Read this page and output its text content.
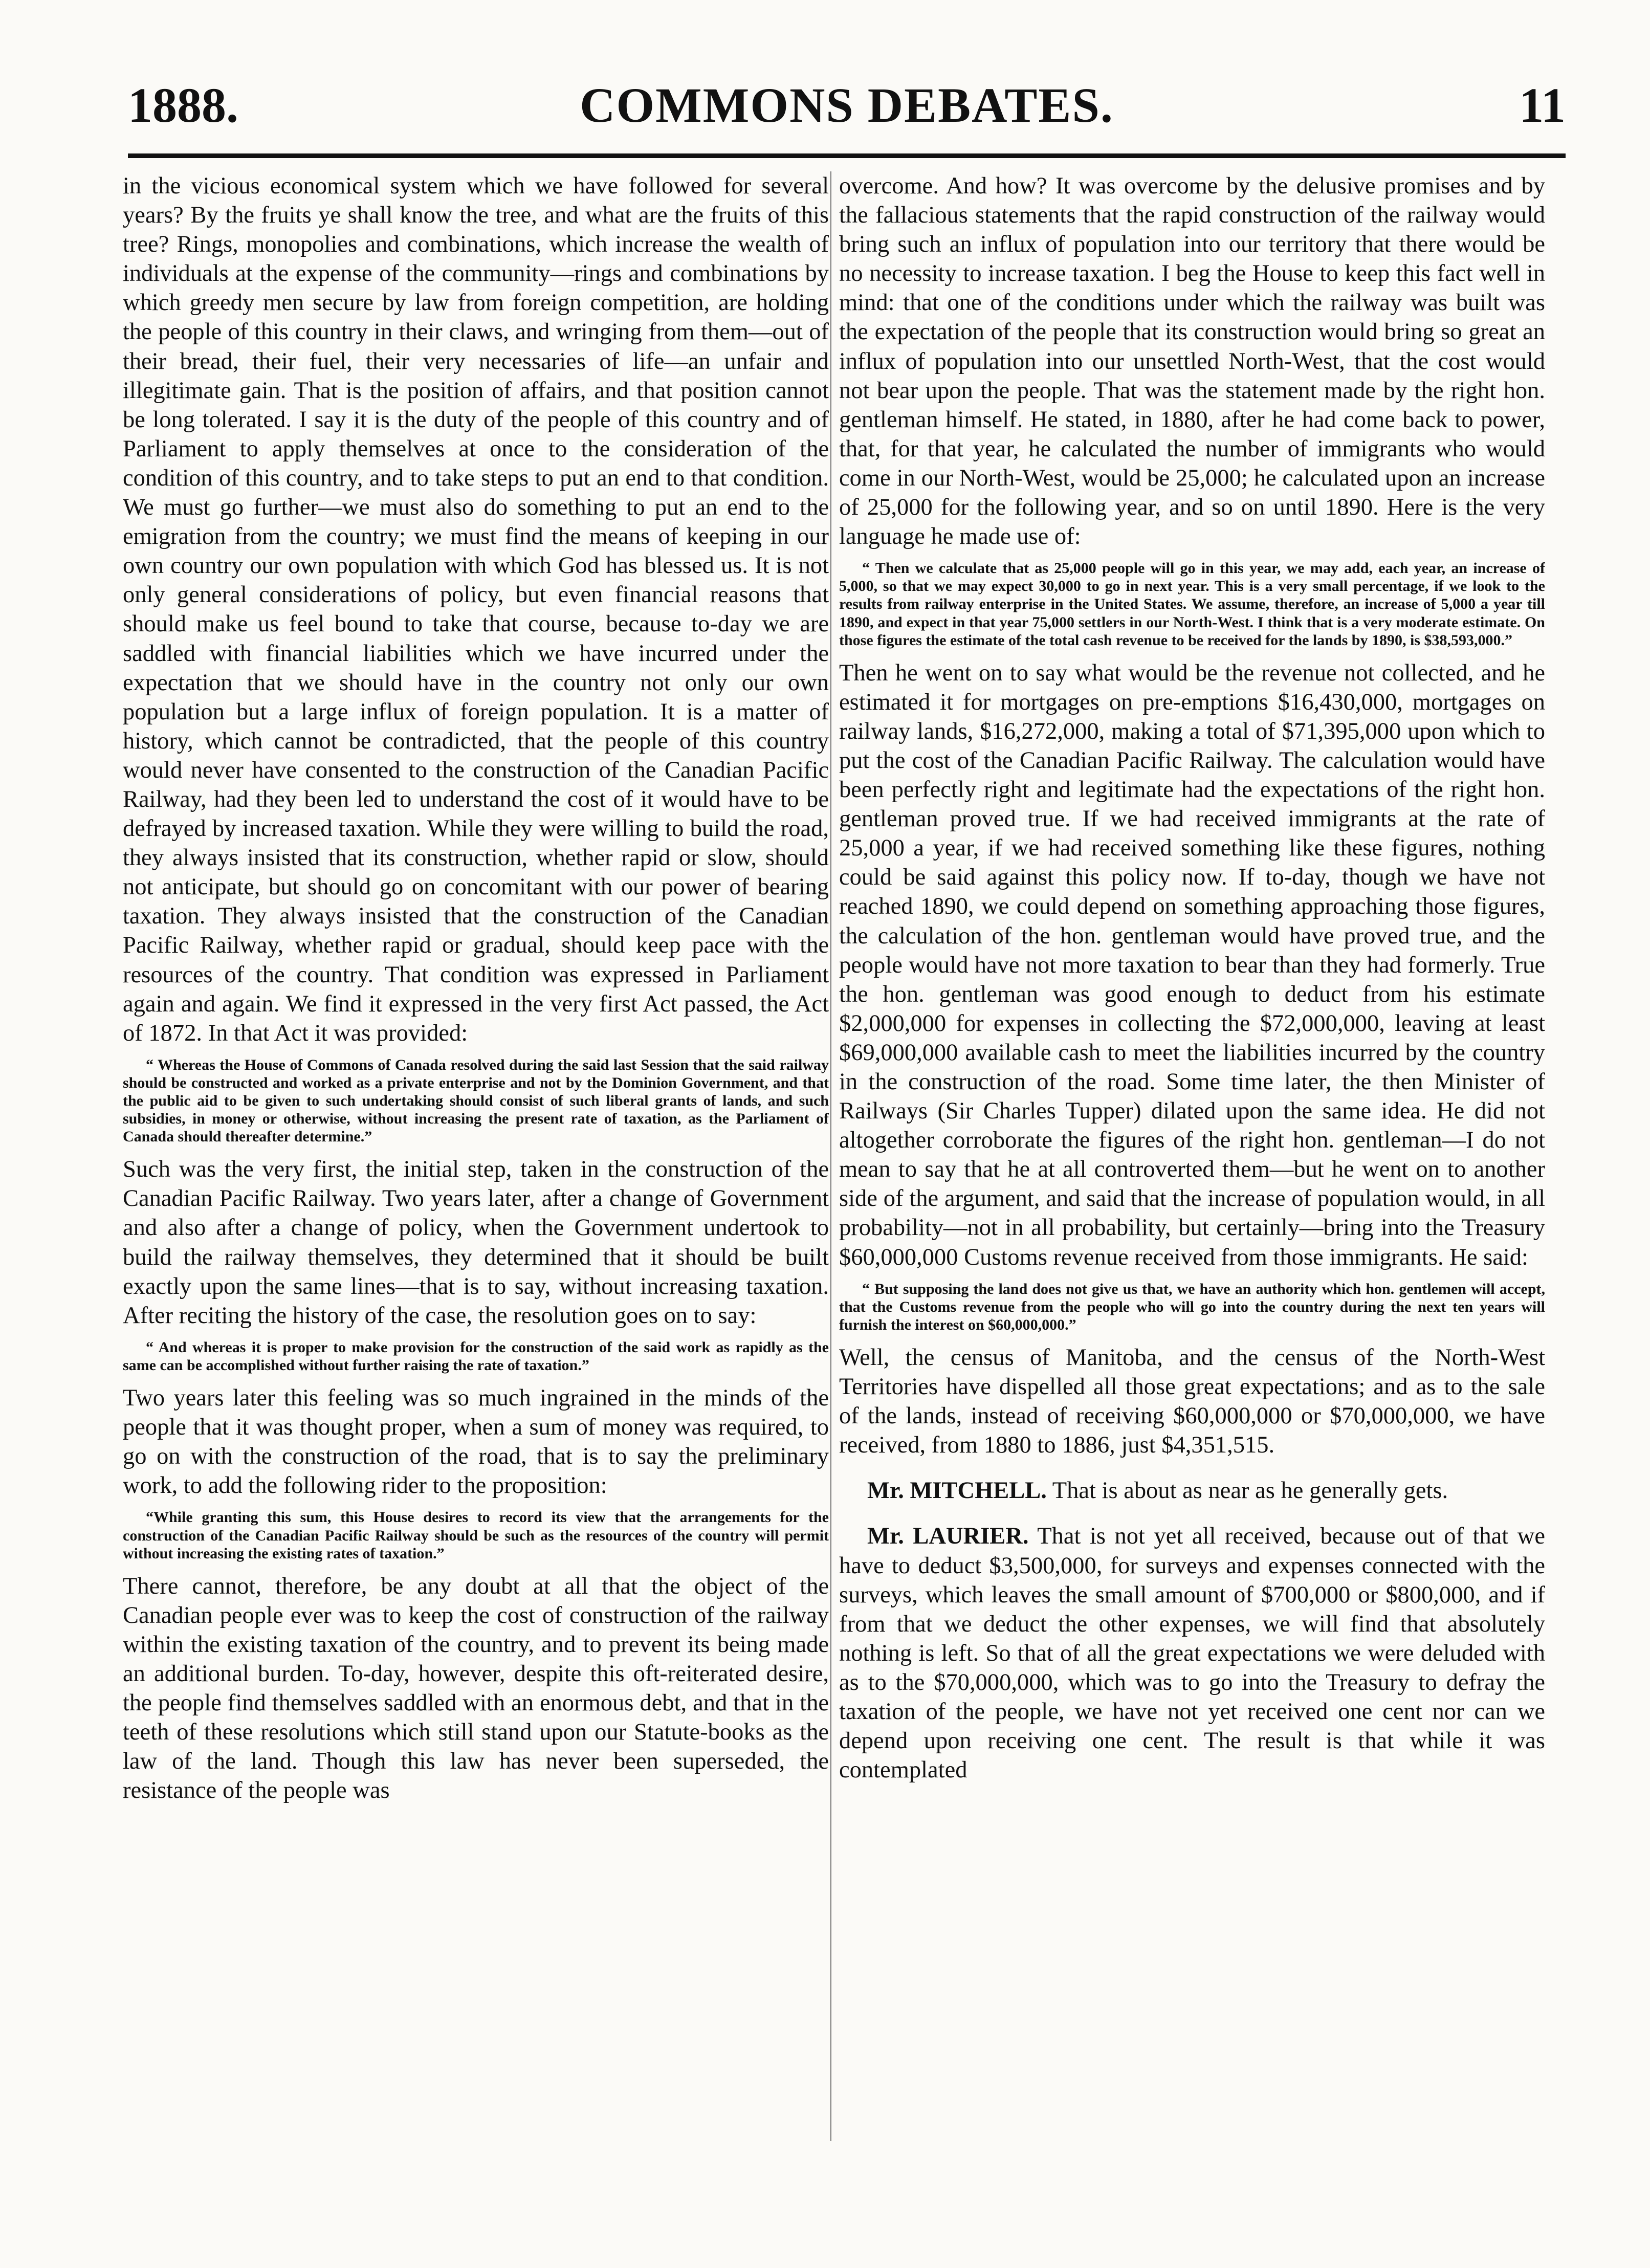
1888.	COMMONS DEBATES.	11

in the vicious economical system which we have followed for several years? By the fruits ye shall know the tree, and what are the fruits of this tree? Rings, monopolies and combinations, which increase the wealth of individuals at the expense of the community—rings and combinations by which greedy men secure by law from foreign competition, are holding the people of this country in their claws, and wringing from them—out of their bread, their fuel, their very necessaries of life—an unfair and illegitimate gain. That is the position of affairs, and that position cannot be long tolerated. I say it is the duty of the people of this country and of Parliament to apply themselves at once to the consideration of the condition of this country, and to take steps to put an end to that condition. We must go further—we must also do something to put an end to the emigration from the country; we must find the means of keeping in our own country our own population with which God has blessed us. It is not only general considerations of policy, but even financial reasons that should make us feel bound to take that course, because to-day we are saddled with financial liabilities which we have incurred under the expectation that we should have in the country not only our own population but a large influx of foreign population. It is a matter of history, which cannot be contradicted, that the people of this country would never have consented to the construction of the Canadian Pacific Railway, had they been led to understand the cost of it would have to be defrayed by increased taxation. While they were willing to build the road, they always insisted that its construction, whether rapid or slow, should not anticipate, but should go on concomitant with our power of bearing taxation. They always insisted that the construction of the Canadian Pacific Railway, whether rapid or gradual, should keep pace with the resources of the country. That condition was expressed in Parliament again and again. We find it expressed in the very first Act passed, the Act of 1872. In that Act it was provided:

“ Whereas the House of Commons of Canada resolved during the said last Session that the said railway should be constructed and worked as a private enterprise and not by the Dominion Government, and that the public aid to be given to such undertaking should consist of such liberal grants of lands, and such subsidies, in money or otherwise, without increasing the present rate of taxation, as the Parliament of Canada should thereafter determine.”

Such was the very first, the initial step, taken in the construction of the Canadian Pacific Railway. Two years later, after a change of Government and also after a change of policy, when the Government undertook to build the railway themselves, they determined that it should be built exactly upon the same lines—that is to say, without increasing taxation. After reciting the history of the case, the resolution goes on to say:

“ And whereas it is proper to make provision for the construction of the said work as rapidly as the same can be accomplished without further raising the rate of taxation.”

Two years later this feeling was so much ingrained in the minds of the people that it was thought proper, when a sum of money was required, to go on with the construction of the road, that is to say the preliminary work, to add the following rider to the proposition:

“While granting this sum, this House desires to record its view that the arrangements for the construction of the Canadian Pacific Railway should be such as the resources of the country will permit without increasing the existing rates of taxation.”

There cannot, therefore, be any doubt at all that the object of the Canadian people ever was to keep the cost of construction of the railway within the existing taxation of the country, and to prevent its being made an additional burden. To-day, however, despite this oft-reiterated desire, the people find themselves saddled with an enormous debt, and that in the teeth of these resolutions which still stand upon our Statute-books as the law of the land. Though this law has never been superseded, the resistance of the people was

overcome. And how? It was overcome by the delusive promises and by the fallacious statements that the rapid construction of the railway would bring such an influx of population into our territory that there would be no necessity to increase taxation. I beg the House to keep this fact well in mind: that one of the conditions under which the railway was built was the expectation of the people that its construction would bring so great an influx of population into our unsettled North-West, that the cost would not bear upon the people. That was the statement made by the right hon. gentleman himself. He stated, in 1880, after he had come back to power, that, for that year, he calculated the number of immigrants who would come in our North-West, would be 25,000; he calculated upon an increase of 25,000 for the following year, and so on until 1890. Here is the very language he made use of:

“ Then we calculate that as 25,000 people will go in this year, we may add, each year, an increase of 5,000, so that we may expect 30,000 to go in next year. This is a very small percentage, if we look to the results from railway enterprise in the United States. We assume, therefore, an increase of 5,000 a year till 1890, and expect in that year 75,000 settlers in our North-West. I think that is a very moderate estimate. On those figures the estimate of the total cash revenue to be received for the lands by 1890, is $38,593,000.”

Then he went on to say what would be the revenue not collected, and he estimated it for mortgages on pre-emptions $16,430,000, mortgages on railway lands, $16,272,000, making a total of $71,395,000 upon which to put the cost of the Canadian Pacific Railway. The calculation would have been perfectly right and legitimate had the expectations of the right hon. gentleman proved true. If we had received immigrants at the rate of 25,000 a year, if we had received something like these figures, nothing could be said against this policy now. If to-day, though we have not reached 1890, we could depend on something approaching those figures, the calculation of the hon. gentleman would have proved true, and the people would have not more taxation to bear than they had formerly. True the hon. gentleman was good enough to deduct from his estimate $2,000,000 for expenses in collecting the $72,000,000, leaving at least $69,000,000 available cash to meet the liabilities incurred by the country in the construction of the road. Some time later, the then Minister of Railways (Sir Charles Tupper) dilated upon the same idea. He did not altogether corroborate the figures of the right hon. gentleman—I do not mean to say that he at all controverted them—but he went on to another side of the argument, and said that the increase of population would, in all probability—not in all probability, but certainly—bring into the Treasury $60,000,000 Customs revenue received from those immigrants. He said:

“ But supposing the land does not give us that, we have an authority which hon. gentlemen will accept, that the Customs revenue from the people who will go into the country during the next ten years will furnish the interest on $60,000,000.”

Well, the census of Manitoba, and the census of the North-West Territories have dispelled all those great expectations; and as to the sale of the lands, instead of receiving $60,000,000 or $70,000,000, we have received, from 1880 to 1886, just $4,351,515.

Mr. MITCHELL. That is about as near as he generally gets.

Mr. LAURIER. That is not yet all received, because out of that we have to deduct $3,500,000, for surveys and expenses connected with the surveys, which leaves the small amount of $700,000 or $800,000, and if from that we deduct the other expenses, we will find that absolutely nothing is left. So that of all the great expectations we were deluded with as to the $70,000,000, which was to go into the Treasury to defray the taxation of the people, we have not yet received one cent nor can we depend upon receiving one cent. The result is that while it was contemplated
